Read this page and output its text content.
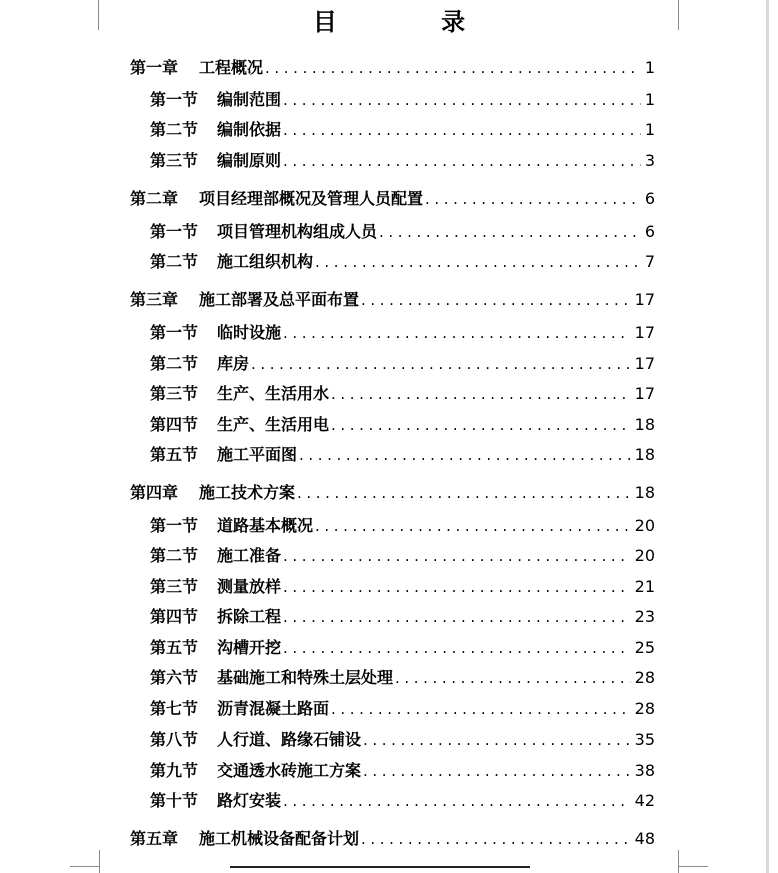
目 录
第一章 工程概况 .....	1
第一节 编制范围 .....	1
第二节 编制依据 .....	1
第三节 编制原则 .....	3
第二章 项目经理部概况及管理人员配置 .....	6
第一节 项目管理机构组成人员 .....	6
第二节 施工组织机构 .....	7
第三章 施工部署及总平面布置 .....	17
第一节 临时设施 .....	17
第二节 库房 .....	17
第三节 生产、生活用水 .....	17
第四节 生产、生活用电 .....	18
第五节 施工平面图 .....	18
第四章 施工技术方案 .....	18
第一节 道路基本概况 .....	20
第二节 施工准备 .....	20
第三节 测量放样 .....	21
第四节 拆除工程 .....	23
第五节 沟槽开挖 .....	25
第六节 基础施工和特殊土层处理 .....	28
第七节 沥青混凝土路面 .....	28
第八节 人行道、路缘石铺设 .....	35
第九节 交通透水砖施工方案 .....	38
第十节 路灯安装 .....	42
第五章 施工机械设备配备计划 .....	48
